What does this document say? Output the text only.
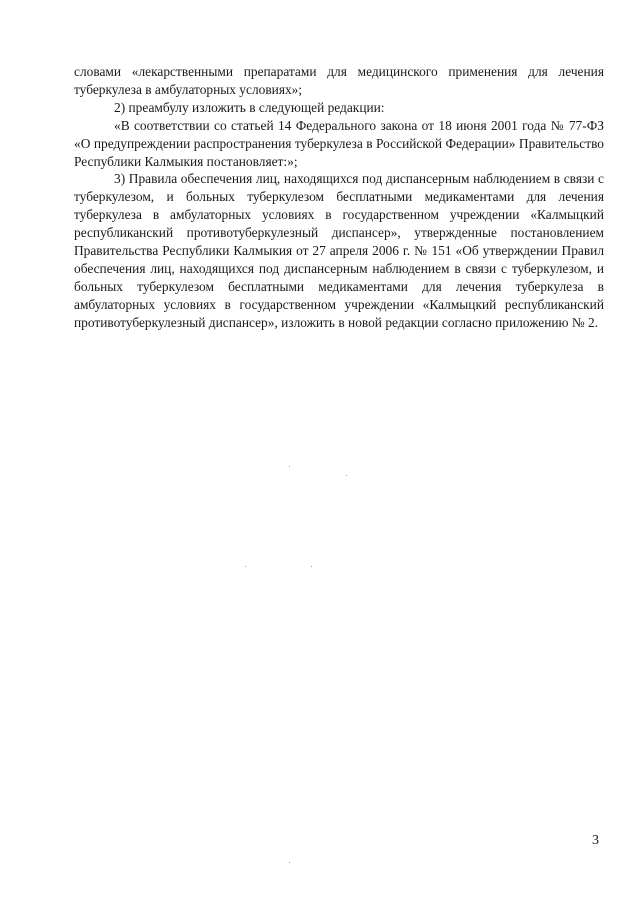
словами «лекарственными препаратами для медицинского применения для лечения туберкулеза в амбулаторных условиях»;

2) преамбулу изложить в следующей редакции:

«В соответствии со статьей 14 Федерального закона от 18 июня 2001 года № 77-ФЗ «О предупреждении распространения туберкулеза в Российской Федерации» Правительство Республики Калмыкия постановляет:»;

3) Правила обеспечения лиц, находящихся под диспансерным наблюдением в связи с туберкулезом, и больных туберкулезом бесплатными медикаментами для лечения туберкулеза в амбулаторных условиях в государственном учреждении «Калмыцкий республиканский противотуберкулезный диспансер», утвержденные постановлением Правительства Республики Калмыкия от 27 апреля 2006 г. № 151 «Об утверждении Правил обеспечения лиц, находящихся под диспансерным наблюдением в связи с туберкулезом, и больных туберкулезом бесплатными медикаментами для лечения туберкулеза в амбулаторных условиях в государственном учреждении «Калмыцкий республиканский противотуберкулезный диспансер», изложить в новой редакции согласно приложению № 2.

3
